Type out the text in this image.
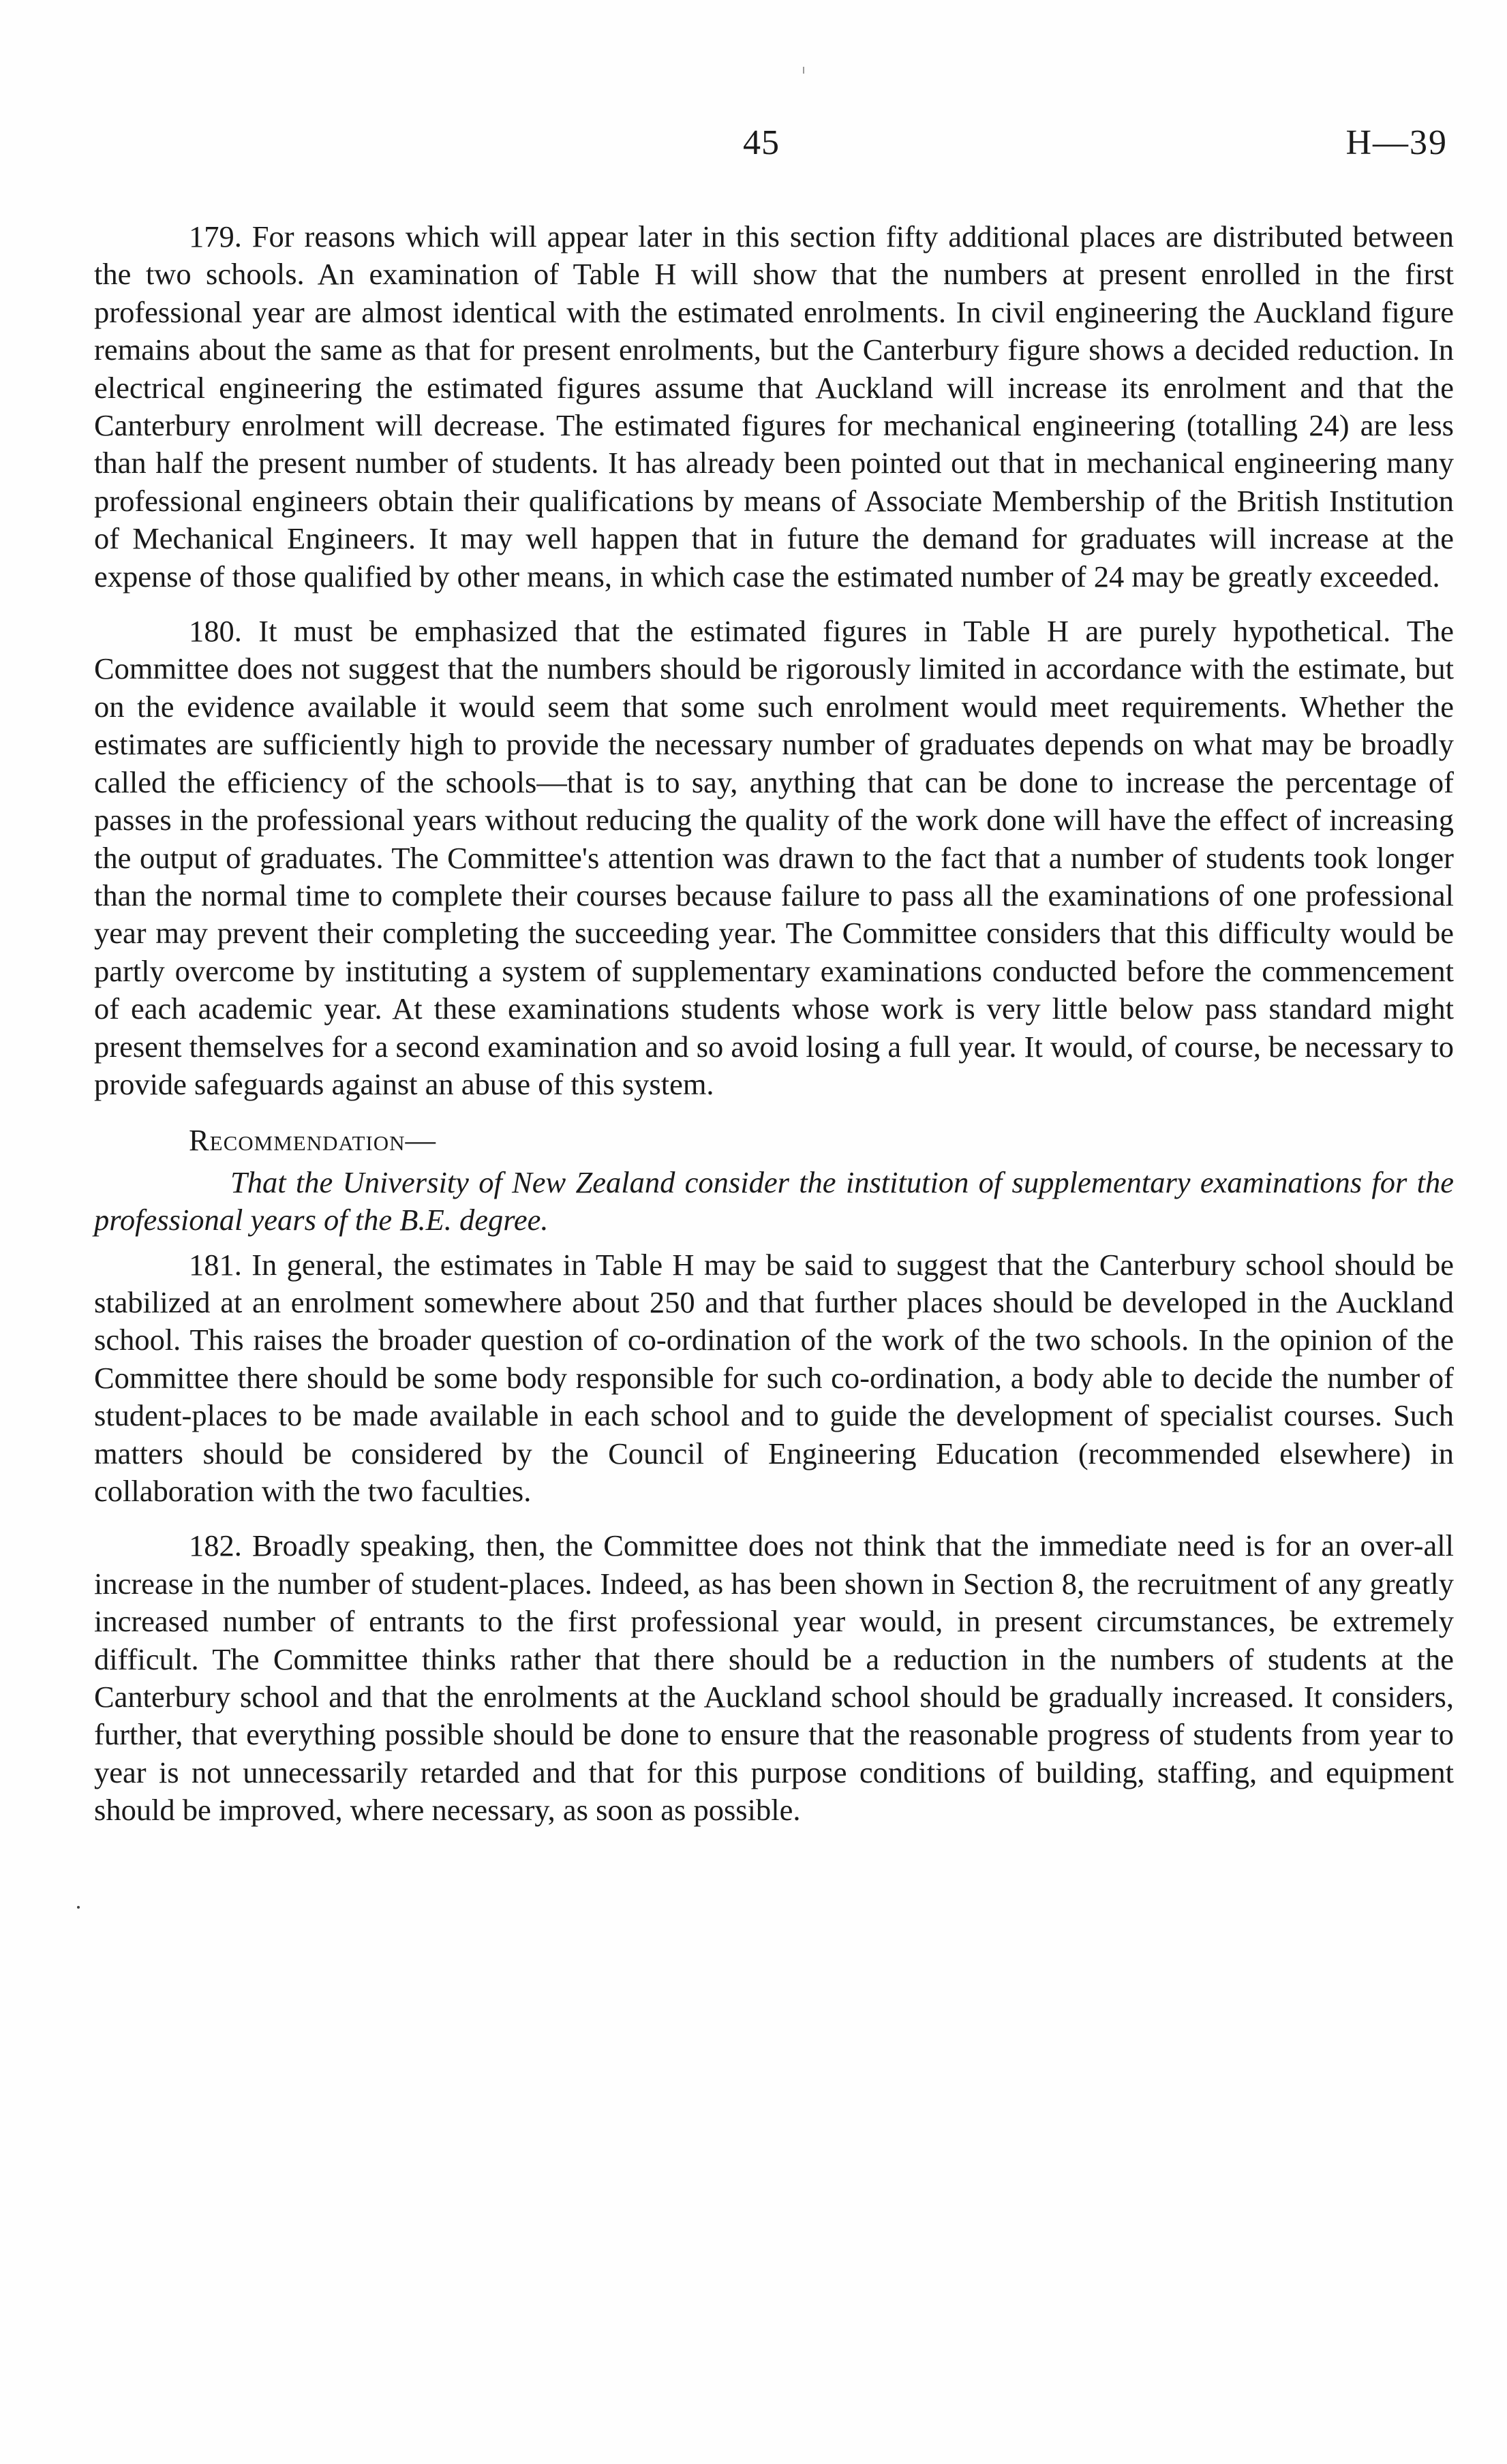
45	H—39

179. For reasons which will appear later in this section fifty additional places are distributed between the two schools. An examination of Table H will show that the numbers at present enrolled in the first professional year are almost identical with the estimated enrolments. In civil engineering the Auckland figure remains about the same as that for present enrolments, but the Canterbury figure shows a decided reduction. In electrical engineering the estimated figures assume that Auckland will increase its enrolment and that the Canterbury enrolment will decrease. The estimated figures for mechanical engineering (totalling 24) are less than half the present number of students. It has already been pointed out that in mechanical engineering many professional engineers obtain their qualifications by means of Associate Membership of the British Institution of Mechanical Engineers. It may well happen that in future the demand for graduates will increase at the expense of those qualified by other means, in which case the estimated number of 24 may be greatly exceeded.

180. It must be emphasized that the estimated figures in Table H are purely hypothetical. The Committee does not suggest that the numbers should be rigorously limited in accordance with the estimate, but on the evidence available it would seem that some such enrolment would meet requirements. Whether the estimates are sufficiently high to provide the necessary number of graduates depends on what may be broadly called the efficiency of the schools—that is to say, anything that can be done to increase the percentage of passes in the professional years without reducing the quality of the work done will have the effect of increasing the output of graduates. The Committee's attention was drawn to the fact that a number of students took longer than the normal time to complete their courses because failure to pass all the examinations of one professional year may prevent their completing the succeeding year. The Committee considers that this difficulty would be partly overcome by instituting a system of supplementary examinations conducted before the commencement of each academic year. At these examinations students whose work is very little below pass standard might present themselves for a second examination and so avoid losing a full year. It would, of course, be necessary to provide safeguards against an abuse of this system.

Recommendation—
That the University of New Zealand consider the institution of supplementary examinations for the professional years of the B.E. degree.

181. In general, the estimates in Table H may be said to suggest that the Canterbury school should be stabilized at an enrolment somewhere about 250 and that further places should be developed in the Auckland school. This raises the broader question of co-ordination of the work of the two schools. In the opinion of the Committee there should be some body responsible for such co-ordination, a body able to decide the number of student-places to be made available in each school and to guide the development of specialist courses. Such matters should be considered by the Council of Engineering Education (recommended elsewhere) in collaboration with the two faculties.

182. Broadly speaking, then, the Committee does not think that the immediate need is for an over-all increase in the number of student-places. Indeed, as has been shown in Section 8, the recruitment of any greatly increased number of entrants to the first professional year would, in present circumstances, be extremely difficult. The Committee thinks rather that there should be a reduction in the numbers of students at the Canterbury school and that the enrolments at the Auckland school should be gradually increased. It considers, further, that everything possible should be done to ensure that the reasonable progress of students from year to year is not unnecessarily retarded and that for this purpose conditions of building, staffing, and equipment should be improved, where necessary, as soon as possible.
